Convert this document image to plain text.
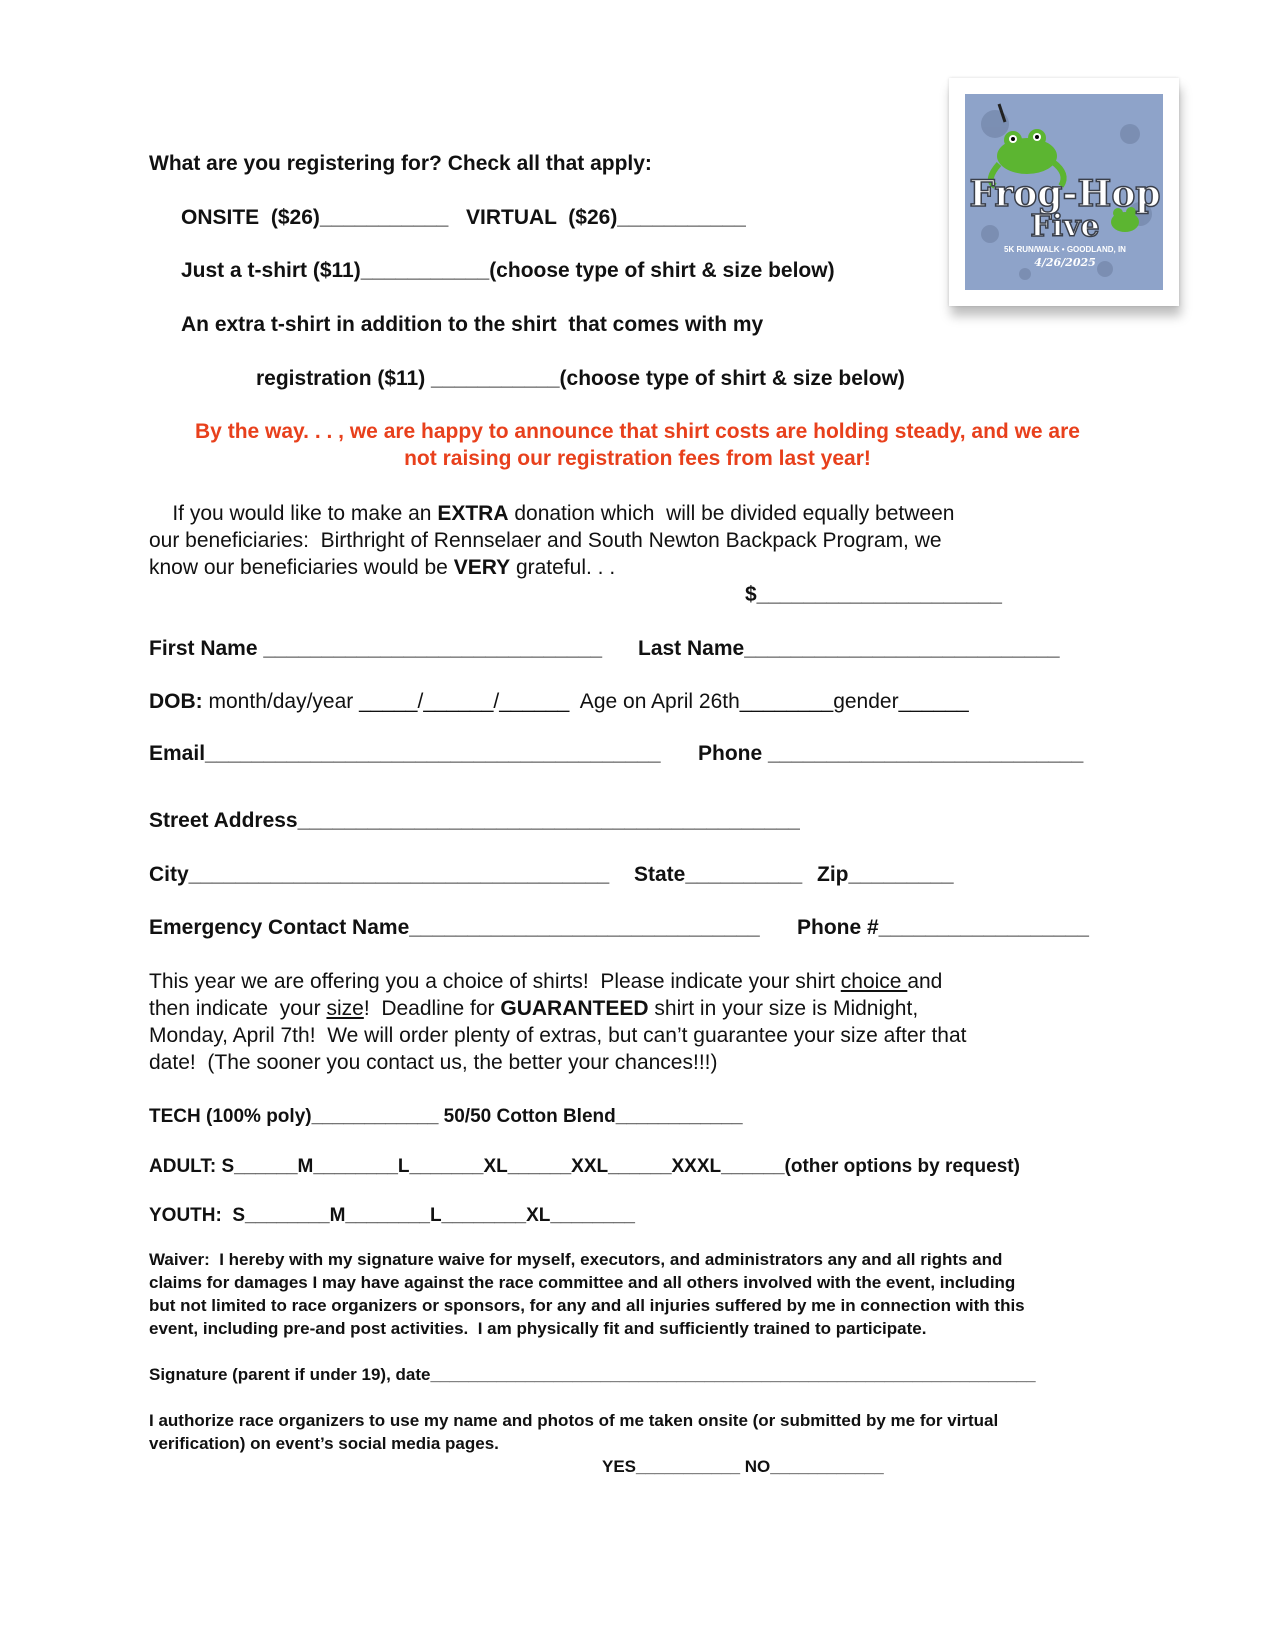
Frog-Hop
Five
5K RUN/WALK • GOODLAND, IN
4/26/2025
What are you registering for? Check all that apply:
ONSITE  ($26)___________ VIRTUAL  ($26)___________
Just a t-shirt ($11)___________(choose type of shirt & size below)
An extra t-shirt in addition to the shirt  that comes with my
registration ($11) ___________(choose type of shirt & size below)
By the way. . . , we are happy to announce that shirt costs are holding steady, and we are
not raising our registration fees from last year!
If you would like to make an EXTRA donation which  will be divided equally between
our beneficiaries:  Birthright of Rennselaer and South Newton Backpack Program, we
know our beneficiaries would be VERY grateful. . .
$_____________________
First Name _____________________________ Last Name___________________________
DOB: month/day/year _____/______/______  Age on April 26th________gender______
Email_______________________________________ Phone ___________________________
Street Address___________________________________________
City____________________________________ State__________ Zip_________
Emergency Contact Name______________________________ Phone #__________________
This year we are offering you a choice of shirts!  Please indicate your shirt choice and
then indicate  your size!  Deadline for GUARANTEED shirt in your size is Midnight,
Monday, April 7th!  We will order plenty of extras, but can’t guarantee your size after that
date!  (The sooner you contact us, the better your chances!!!)
TECH (100% poly)____________ 50/50 Cotton Blend____________
ADULT: S______M________L_______XL______XXL______XXXL______(other options by request)
YOUTH:  S________M________L________XL________
Waiver:  I hereby with my signature waive for myself, executors, and administrators any and all rights and
claims for damages I may have against the race committee and all others involved with the event, including
but not limited to race organizers or sponsors, for any and all injuries suffered by me in connection with this
event, including pre-and post activities.  I am physically fit and sufficiently trained to participate.
Signature (parent if under 19), date________________________________________________________________
I authorize race organizers to use my name and photos of me taken onsite (or submitted by me for virtual
verification) on event’s social media pages.
YES___________ NO____________
